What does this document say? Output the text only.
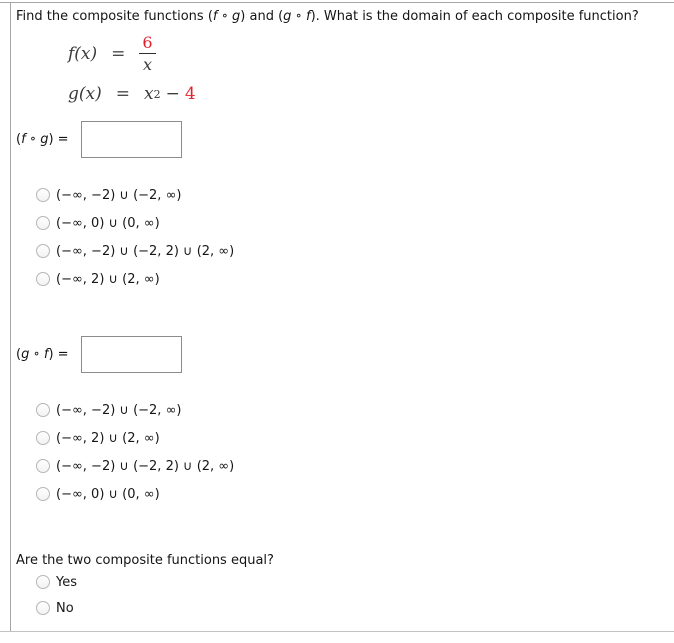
Find the composite functions (f ∘ g) and (g ∘ f). What is the domain of each composite function?
$f(x) = \frac{6}{x}$
g(x) = x 2 − 4
(f ∘ g) =
(−∞, −2) ∪ (−2, ∞)
(−∞, 0) ∪ (0, ∞)
(−∞, −2) ∪ (−2, 2) ∪ (2, ∞)
(−∞, 2) ∪ (2, ∞)
(g ∘ f) =
(−∞, −2) ∪ (−2, ∞)
(−∞, 2) ∪ (2, ∞)
(−∞, −2) ∪ (−2, 2) ∪ (2, ∞)
(−∞, 0) ∪ (0, ∞)
Are the two composite functions equal?
Yes
No
